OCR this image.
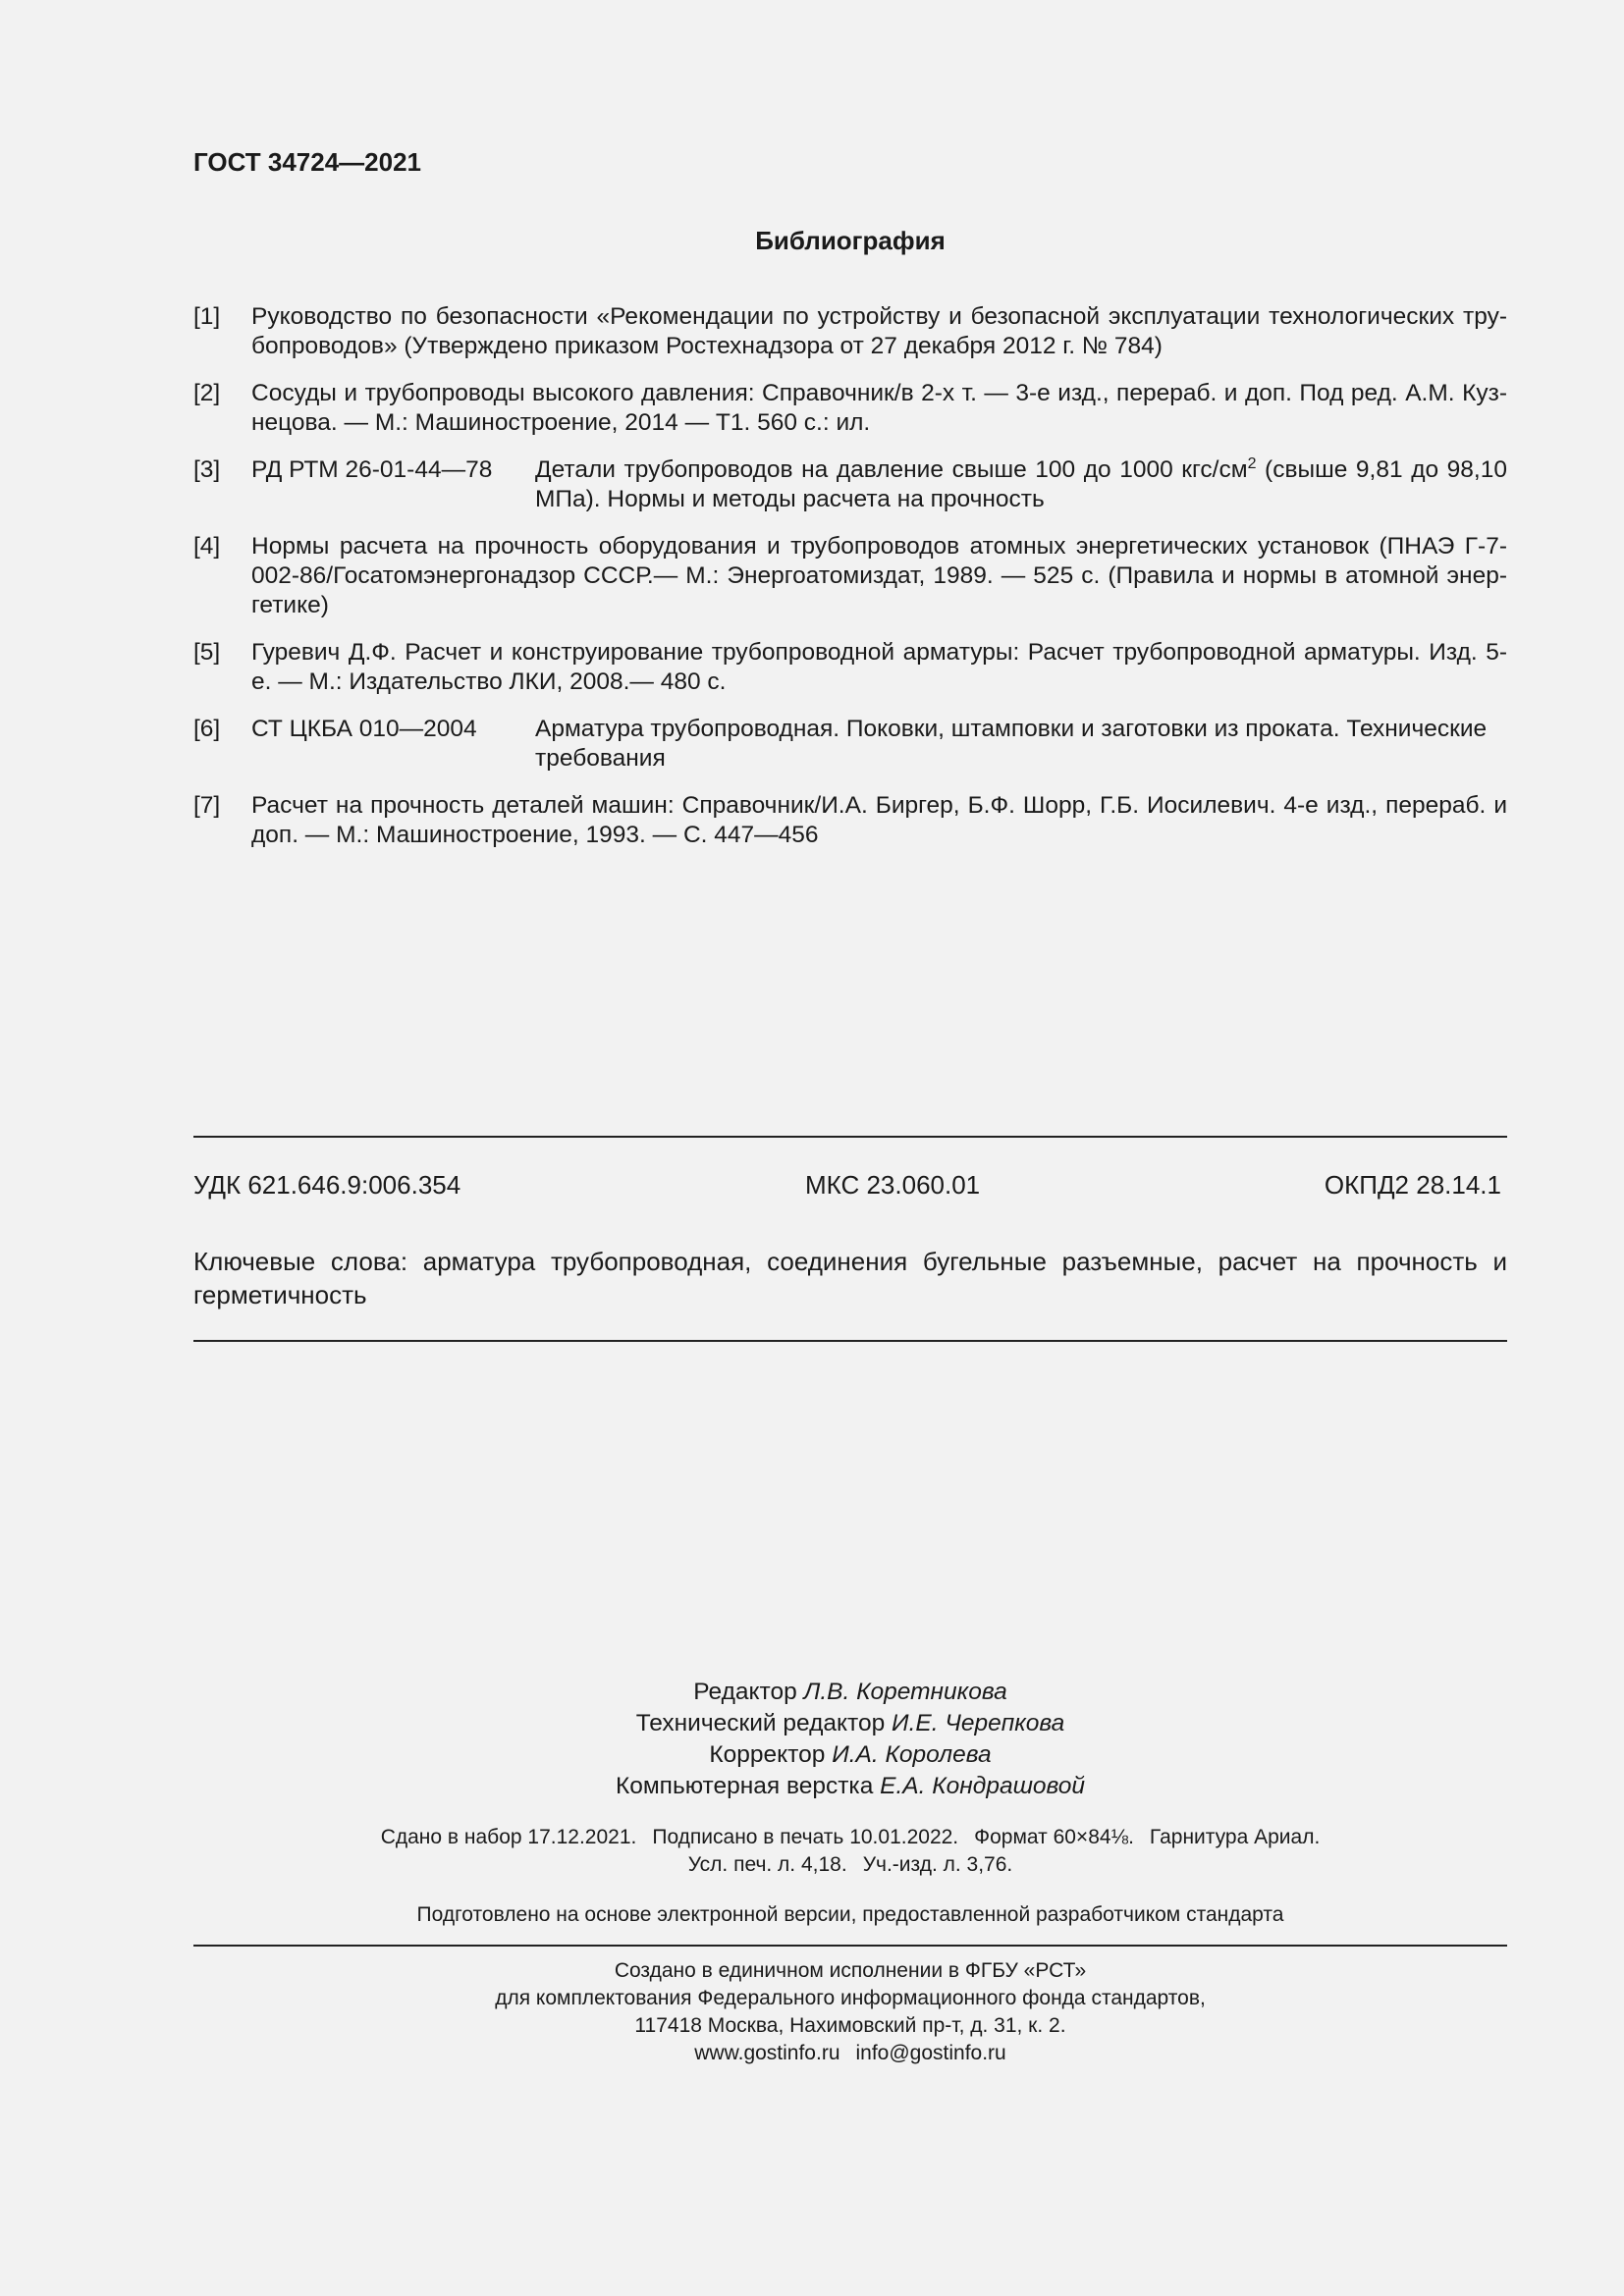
ГОСТ 34724—2021
Библиография
[1]	Руководство по безопасности «Рекомендации по устройству и безопасной эксплуатации технологических трубопроводов» (Утверждено приказом Ростехнадзора от 27 декабря 2012 г. № 784)
[2]	Сосуды и трубопроводы высокого давления: Справочник/в 2-х т. — 3-е изд., перераб. и доп. Под ред. А.М. Кузнецова. — М.: Машиностроение, 2014 — Т1. 560 с.: ил.
[3]	РД РТМ 26-01-44—78	Детали трубопроводов на давление свыше 100 до 1000 кгс/$см^2$ (свыше 9,81 до 98,10 МПа). Нормы и методы расчета на прочность
[4]	Нормы расчета на прочность оборудования и трубопроводов атомных энергетических установок (ПНАЭ Г-7-002-86/Госатомэнергонадзор СССР.— М.: Энергоатомиздат, 1989. — 525 с. (Правила и нормы в атомной энергетике)
[5]	Гуревич Д.Ф. Расчет и конструирование трубопроводной арматуры: Расчет трубопроводной арматуры. Изд. 5-е. — М.: Издательство ЛКИ, 2008.— 480 с.
[6]	СТ ЦКБА 010—2004	Арматура трубопроводная. Поковки, штамповки и заготовки из проката. Технические требования
[7]	Расчет на прочность деталей машин: Справочник/И.А. Биргер, Б.Ф. Шорр, Г.Б. Иосилевич. 4-е изд., перераб. и доп. — М.: Машиностроение, 1993. — С. 447—456
УДК 621.646.9:006.354	МКС 23.060.01	ОКПД2 28.14.1
Ключевые слова: арматура трубопроводная, соединения бугельные разъемные, расчет на прочность и герметичность
Редактор Л.В. Коретникова
Технический редактор И.Е. Черепкова
Корректор И.А. Королева
Компьютерная верстка Е.А. Кондрашовой
Сдано в набор 17.12.2021. Подписано в печать 10.01.2022. Формат 60×84⅛. Гарнитура Ариал.
Усл. печ. л. 4,18. Уч.-изд. л. 3,76.
Подготовлено на основе электронной версии, предоставленной разработчиком стандарта
Создано в единичном исполнении в ФГБУ «РСТ»
для комплектования Федерального информационного фонда стандартов,
117418 Москва, Нахимовский пр-т, д. 31, к. 2.
www.gostinfo.ru info@gostinfo.ru
